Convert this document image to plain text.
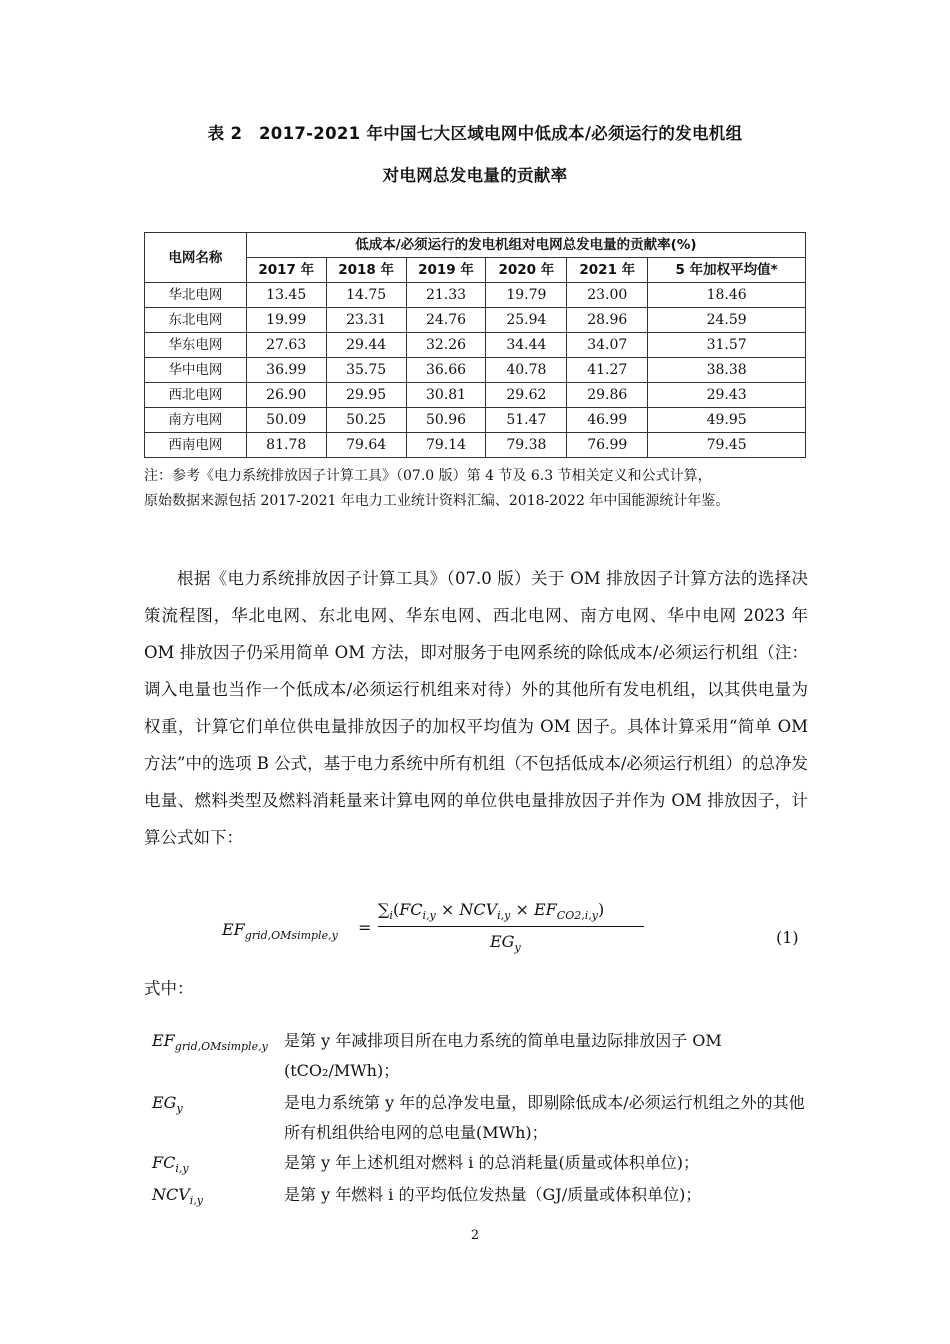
表 2　2017-2021 年中国七大区域电网中低成本/必须运行的发电机组
对电网总发电量的贡献率
电网名称	低成本/必须运行的发电机组对电网总发电量的贡献率(%)					
	2017 年	2018 年	2019 年	2020 年	2021 年	5 年加权平均值*
华北电网	13.45	14.75	21.33	19.79	23.00	18.46
东北电网	19.99	23.31	24.76	25.94	28.96	24.59
华东电网	27.63	29.44	32.26	34.44	34.07	31.57
华中电网	36.99	35.75	36.66	40.78	41.27	38.38
西北电网	26.90	29.95	30.81	29.62	29.86	29.43
南方电网	50.09	50.25	50.96	51.47	46.99	49.95
西南电网	81.78	79.64	79.14	79.38	76.99	79.45
注：参考《电力系统排放因子计算工具》（07.0 版）第 4 节及 6.3 节相关定义和公式计算，
原始数据来源包括 2017-2021 年电力工业统计资料汇编、2018-2022 年中国能源统计年鉴。
根据《电力系统排放因子计算工具》（07.0 版）关于 OM 排放因子计算方法的选择决策流程图，华北电网、东北电网、华东电网、西北电网、南方电网、华中电网 2023 年 OM 排放因子仍采用简单 OM 方法，即对服务于电网系统的除低成本/必须运行机组（注：调入电量也当作一个低成本/必须运行机组来对待）外的其他所有发电机组，以其供电量为权重，计算它们单位供电量排放因子的加权平均值为 OM 因子。具体计算采用“简单 OM 方法”中的选项 B 公式，基于电力系统中所有机组（不包括低成本/必须运行机组）的总净发电量、燃料类型及燃料消耗量来计算电网的单位供电量排放因子并作为 OM 排放因子，计算公式如下：
$EF_{grid,OMsimple,y}$ =
$\sum_i(FC_{i,y} \times NCV_{i,y} \times EF_{CO2,i,y})$
$EG_y$
(1)
式中：
$EF_{grid,OMsimple,y}$ 是第 y 年减排项目所在电力系统的简单电量边际排放因子 OM (tCO₂/MWh)；
$EG_y$	是电力系统第 y 年的总净发电量，即剔除低成本/必须运行机组之外的其他所有机组供给电网的总电量(MWh)；
$FC_{i,y}$	是第 y 年上述机组对燃料 i 的总消耗量(质量或体积单位)；
$NCV_{i,y}$	是第 y 年燃料 i 的平均低位发热量（GJ/质量或体积单位)；
2
